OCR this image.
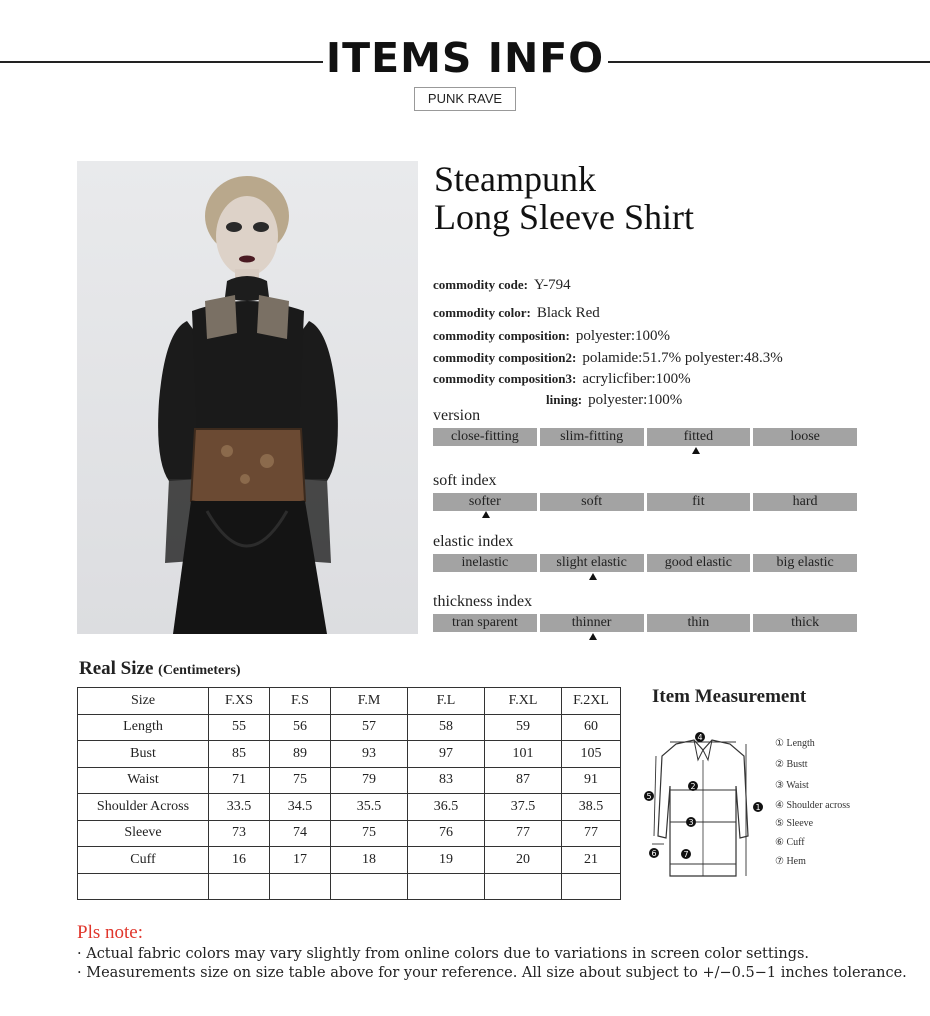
ITEMS INFO
PUNK RAVE
Steampunk
Long Sleeve Shirt
commodity code: Y-794
commodity color: Black Red
commodity composition: polyester:100%
commodity composition2: polamide:51.7% polyester:48.3%
commodity composition3: acrylicfiber:100%
lining: polyester:100%
version
close-fitting	slim-fitting	fitted	loose
soft index
softer	soft	fit	hard
elastic index
inelastic	slight elastic	good elastic	big elastic
thickness index
tran sparent	thinner	thin	thick
Real Size (Centimeters)
Size	F.XS	F.S	F.M	F.L	F.XL	F.2XL
Length	55	56	57	58	59	60
Bust	85	89	93	97	101	105
Waist	71	75	79	83	87	91
Shoulder Across	33.5	34.5	35.5	36.5	37.5	38.5
Sleeve	73	74	75	76	77	77
Cuff	16	17	18	19	20	21

Item Measurement
4
2
5
1
3
6	7
① Length
② Bustt
③ Waist
④ Shoulder across
⑤ Sleeve
⑥ Cuff
⑦ Hem
Pls note:
· Actual fabric colors may vary slightly from online colors due to variations in screen color settings.
· Measurements size on size table above for your reference. All size about subject to +/−0.5−1 inches tolerance.
